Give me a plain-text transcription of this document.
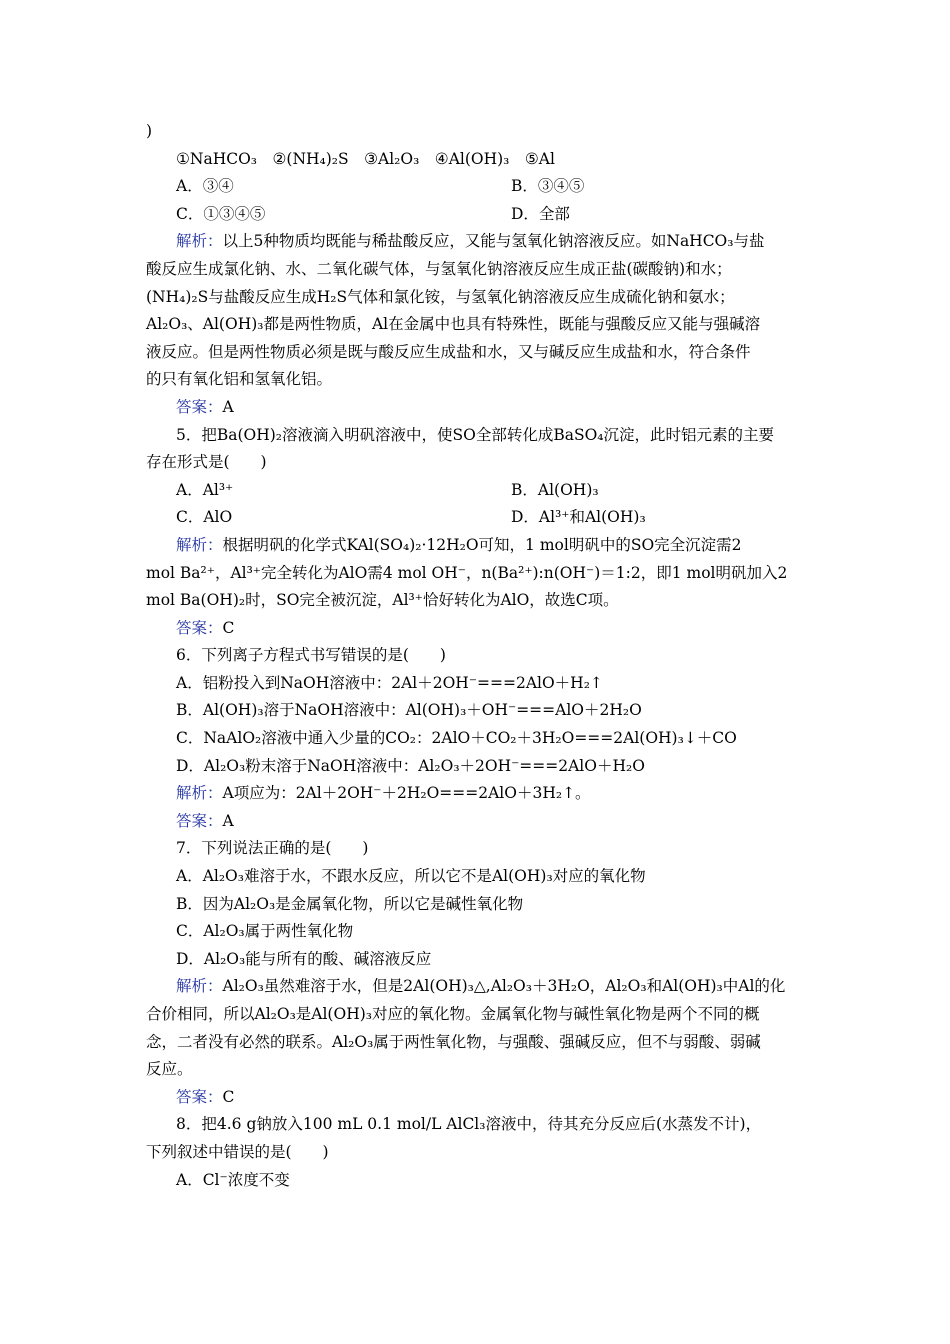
)
①NaHCO₃　②(NH₄)₂S　③Al₂O₃　④Al(OH)₃　⑤Al
A．③④	B．③④⑤
C．①③④⑤	D．全部
解析：以上5种物质均既能与稀盐酸反应，又能与氢氧化钠溶液反应。如NaHCO₃与盐
酸反应生成氯化钠、水、二氧化碳气体，与氢氧化钠溶液反应生成正盐(碳酸钠)和水；
(NH₄)₂S与盐酸反应生成H₂S气体和氯化铵，与氢氧化钠溶液反应生成硫化钠和氨水；
Al₂O₃、Al(OH)₃都是两性物质，Al在金属中也具有特殊性，既能与强酸反应又能与强碱溶
液反应。但是两性物质必须是既与酸反应生成盐和水，又与碱反应生成盐和水，符合条件
的只有氧化铝和氢氧化铝。
答案：A
5．把Ba(OH)₂溶液滴入明矾溶液中，使SO全部转化成BaSO₄沉淀，此时铝元素的主要
存在形式是(　　)
A．Al³⁺	B．Al(OH)₃
C．AlO	D．Al³⁺和Al(OH)₃
解析：根据明矾的化学式KAl(SO₄)₂·12H₂O可知，1 mol明矾中的SO完全沉淀需2
mol Ba²⁺，Al³⁺完全转化为AlO需4 mol OH⁻，n(Ba²⁺):n(OH⁻)＝1:2，即1 mol明矾加入2
mol Ba(OH)₂时，SO完全被沉淀，Al³⁺恰好转化为AlO，故选C项。
答案：C
6．下列离子方程式书写错误的是(　　)
A．铝粉投入到NaOH溶液中：2Al＋2OH⁻===2AlO＋H₂↑
B．Al(OH)₃溶于NaOH溶液中：Al(OH)₃＋OH⁻===AlO＋2H₂O
C．NaAlO₂溶液中通入少量的CO₂：2AlO＋CO₂＋3H₂O===2Al(OH)₃↓＋CO
D．Al₂O₃粉末溶于NaOH溶液中：Al₂O₃＋2OH⁻===2AlO＋H₂O
解析：A项应为：2Al＋2OH⁻＋2H₂O===2AlO＋3H₂↑。
答案：A
7．下列说法正确的是(　　)
A．Al₂O₃难溶于水，不跟水反应，所以它不是Al(OH)₃对应的氧化物
B．因为Al₂O₃是金属氧化物，所以它是碱性氧化物
C．Al₂O₃属于两性氧化物
D．Al₂O₃能与所有的酸、碱溶液反应
解析：Al₂O₃虽然难溶于水，但是2Al(OH)₃△,Al₂O₃＋3H₂O，Al₂O₃和Al(OH)₃中Al的化
合价相同，所以Al₂O₃是Al(OH)₃对应的氧化物。金属氧化物与碱性氧化物是两个不同的概
念，二者没有必然的联系。Al₂O₃属于两性氧化物，与强酸、强碱反应，但不与弱酸、弱碱
反应。
答案：C
8．把4.6 g钠放入100 mL 0.1 mol/L AlCl₃溶液中，待其充分反应后(水蒸发不计)，
下列叙述中错误的是(　　)
A．Cl⁻浓度不变
